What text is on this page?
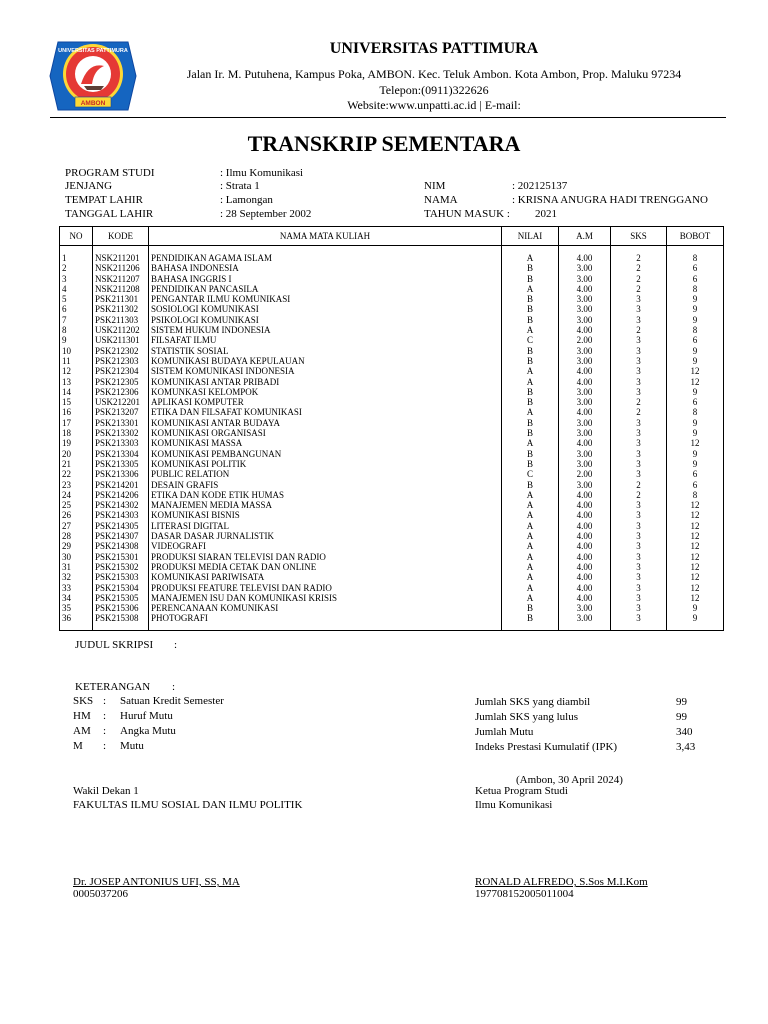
UNIVERSITAS PATTIMURA
AMBON
UNIVERSITAS PATTIMURA
Jalan Ir. M. Putuhena, Kampus Poka, AMBON. Kec. Teluk Ambon. Kota Ambon, Prop. Maluku 97234
Telepon:(0911)322626
Website:www.unpatti.ac.id | E-mail:
TRANSKRIP SEMENTARA
PROGRAM STUDI	: Ilmu Komunikasi
JENJANG	: Strata 1	NIM	: 202125137
TEMPAT LAHIR	: Lamongan	NAMA	: KRISNA ANUGRA HADI TRENGGANO
TANGGAL LAHIR	: 28 September 2002	TAHUN MASUK : 2021
NO	KODE	NAMA MATA KULIAH	NILAI	A.M	SKS	BOBOT

1	NSK211201	PENDIDIKAN AGAMA ISLAM	A	4.00	2	8
2	NSK211206	BAHASA INDONESIA	B	3.00	2	6
3	NSK211207	BAHASA INGGRIS I	B	3.00	2	6
4	NSK211208	PENDIDIKAN PANCASILA	A	4.00	2	8
5	PSK211301	PENGANTAR ILMU KOMUNIKASI	B	3.00	3	9
6	PSK211302	SOSIOLOGI KOMUNIKASI	B	3.00	3	9
7	PSK211303	PSIKOLOGI KOMUNIKASI	B	3.00	3	9
8	USK211202	SISTEM HUKUM INDONESIA	A	4.00	2	8
9	USK211301	FILSAFAT ILMU	C	2.00	3	6
10	PSK212302	STATISTIK SOSIAL	B	3.00	3	9
11	PSK212303	KOMUNIKASI BUDAYA KEPULAUAN	B	3.00	3	9
12	PSK212304	SISTEM KOMUNIKASI INDONESIA	A	4.00	3	12
13	PSK212305	KOMUNIKASI ANTAR PRIBADI	A	4.00	3	12
14	PSK212306	KOMUNKASI KELOMPOK	B	3.00	3	9
15	USK212201	APLIKASI KOMPUTER	B	3.00	2	6
16	PSK213207	ETIKA DAN FILSAFAT KOMUNIKASI	A	4.00	2	8
17	PSK213301	KOMUNIKASI ANTAR BUDAYA	B	3.00	3	9
18	PSK213302	KOMUNIKASI ORGANISASI	B	3.00	3	9
19	PSK213303	KOMUNIKASI MASSA	A	4.00	3	12
20	PSK213304	KOMUNIKASI PEMBANGUNAN	B	3.00	3	9
21	PSK213305	KOMUNIKASI POLITIK	B	3.00	3	9
22	PSK213306	PUBLIC RELATION	C	2.00	3	6
23	PSK214201	DESAIN GRAFIS	B	3.00	2	6
24	PSK214206	ETIKA DAN KODE ETIK HUMAS	A	4.00	2	8
25	PSK214302	MANAJEMEN MEDIA MASSA	A	4.00	3	12
26	PSK214303	KOMUNIKASI BISNIS	A	4.00	3	12
27	PSK214305	LITERASI DIGITAL	A	4.00	3	12
28	PSK214307	DASAR DASAR JURNALISTIK	A	4.00	3	12
29	PSK214308	VIDEOGRAFI	A	4.00	3	12
30	PSK215301	PRODUKSI SIARAN TELEVISI DAN RADIO	A	4.00	3	12
31	PSK215302	PRODUKSI MEDIA CETAK DAN ONLINE	A	4.00	3	12
32	PSK215303	KOMUNIKASI PARIWISATA	A	4.00	3	12
33	PSK215304	PRODUKSI FEATURE TELEVISI DAN RADIO	A	4.00	3	12
34	PSK215305	MANAJEMEN ISU DAN KOMUNIKASI KRISIS	A	4.00	3	12
35	PSK215306	PERENCANAAN KOMUNIKASI	B	3.00	3	9
36	PSK215308	PHOTOGRAFI	B	3.00	3	9

JUDUL SKRIPSI :
KETERANGAN :
SKS : Satuan Kredit Semester
HM : Huruf Mutu
AM : Angka Mutu
M : Mutu
Jumlah SKS yang diambil	99
Jumlah SKS yang lulus	99
Jumlah Mutu	340
Indeks Prestasi Kumulatif (IPK)	3,43
(Ambon, 30 April 2024)
Wakil Dekan 1
FAKULTAS ILMU SOSIAL DAN ILMU POLITIK
Dr. JOSEP ANTONIUS UFI, SS, MA
0005037206
Ketua Program Studi
Ilmu Komunikasi
RONALD ALFREDO, S.Sos M.I.Kom
197708152005011004
